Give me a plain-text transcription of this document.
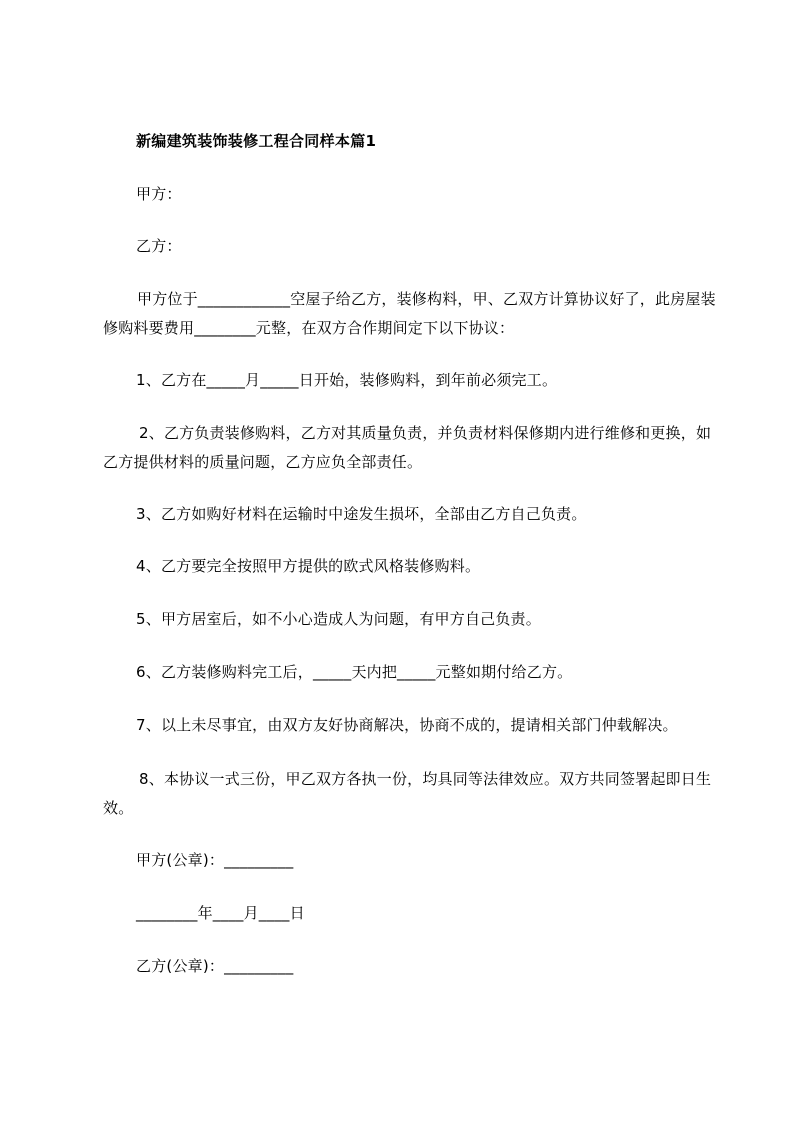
新编建筑装饰装修工程合同样本篇1
甲方：
乙方：
甲方位于____________空屋子给乙方，装修构料，甲、乙双方计算协议好了，此房屋装修购料要费用________元整，在双方合作期间定下以下协议：
1、乙方在_____月_____日开始，装修购料，到年前必须完工。
2、乙方负责装修购料，乙方对其质量负责，并负责材料保修期内进行维修和更换，如乙方提供材料的质量问题，乙方应负全部责任。
3、乙方如购好材料在运输时中途发生损坏，全部由乙方自己负责。
4、乙方要完全按照甲方提供的欧式风格装修购料。
5、甲方居室后，如不小心造成人为问题，有甲方自己负责。
6、乙方装修购料完工后，_____天内把_____元整如期付给乙方。
7、以上未尽事宜，由双方友好协商解决，协商不成的，提请相关部门仲载解决。
8、本协议一式三份，甲乙双方各执一份，均具同等法律效应。双方共同签署起即日生效。
甲方(公章)：_________
________年____月____日
乙方(公章)：_________
